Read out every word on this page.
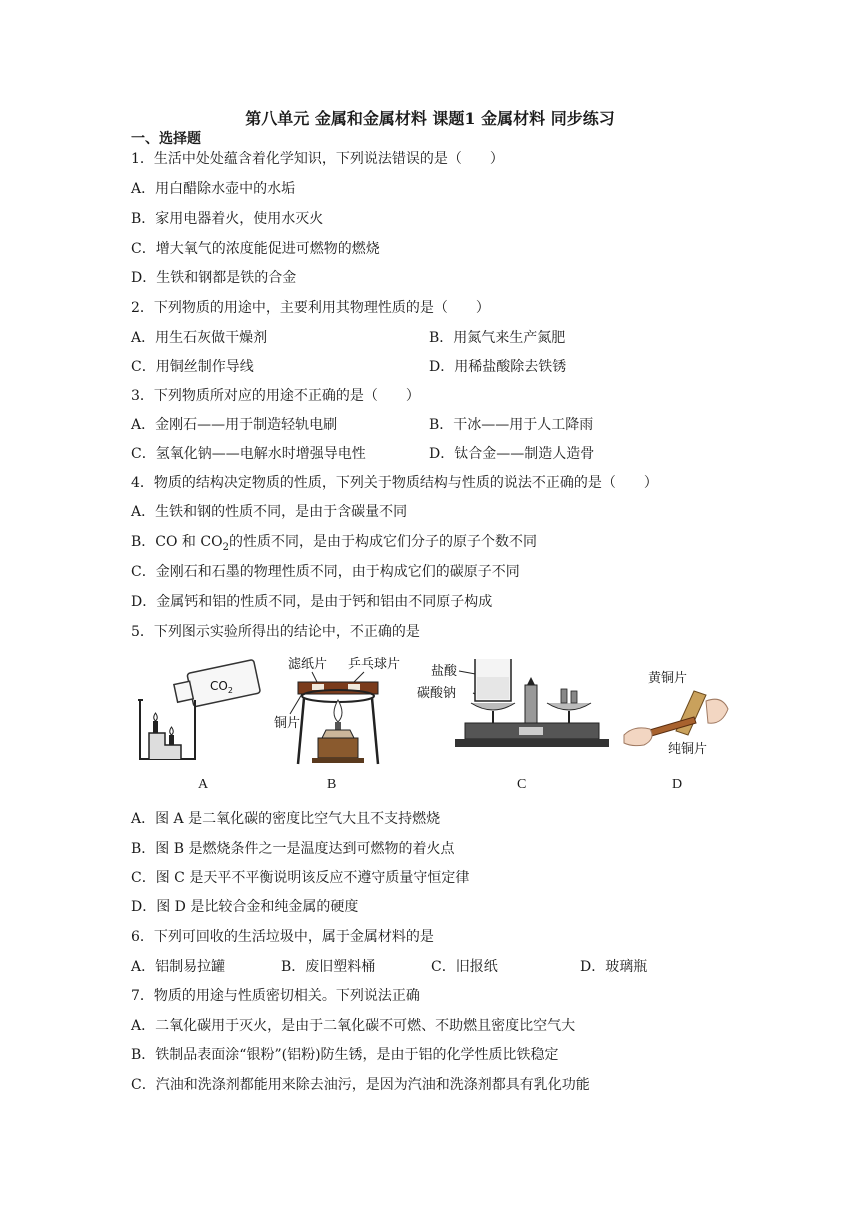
第八单元 金属和金属材料 课题1 金属材料 同步练习
一、选择题
1．生活中处处蕴含着化学知识，下列说法错误的是（　　）
A．用白醋除水壶中的水垢
B．家用电器着火，使用水灭火
C．增大氧气的浓度能促进可燃物的燃烧
D．生铁和钢都是铁的合金
2．下列物质的用途中，主要利用其物理性质的是（　　）
A．用生石灰做干燥剂	B．用氮气来生产氮肥
C．用铜丝制作导线	D．用稀盐酸除去铁锈
3．下列物质所对应的用途不正确的是（　　）
A．金刚石——用于制造轻轨电刷	B．干冰——用于人工降雨
C．氢氧化钠——电解水时增强导电性	D．钛合金——制造人造骨
4．物质的结构决定物质的性质，下列关于物质结构与性质的说法不正确的是（　　）
A．生铁和钢的性质不同，是由于含碳量不同
B．CO 和 $CO_2$的性质不同，是由于构成它们分子的原子个数不同
C．金刚石和石墨的物理性质不同，由于构成它们的碳原子不同
D．金属钙和铝的性质不同，是由于钙和铝由不同原子构成
5．下列图示实验所得出的结论中，不正确的是
$CO_2$
滤纸片 乒乓球片
铜片
盐酸
碳酸钠
黄铜片
纯铜片
A	B	C	D
A．图 A 是二氧化碳的密度比空气大且不支持燃烧
B．图 B 是燃烧条件之一是温度达到可燃物的着火点
C．图 C 是天平不平衡说明该反应不遵守质量守恒定律
D．图 D 是比较合金和纯金属的硬度
6．下列可回收的生活垃圾中，属于金属材料的是
A．铝制易拉罐	B．废旧塑料桶	C．旧报纸	D．玻璃瓶
7．物质的用途与性质密切相关。下列说法正确
A．二氧化碳用于灭火，是由于二氧化碳不可燃、不助燃且密度比空气大
B．铁制品表面涂“银粉”(铝粉)防生锈，是由于铝的化学性质比铁稳定
C．汽油和洗涤剂都能用来除去油污，是因为汽油和洗涤剂都具有乳化功能
